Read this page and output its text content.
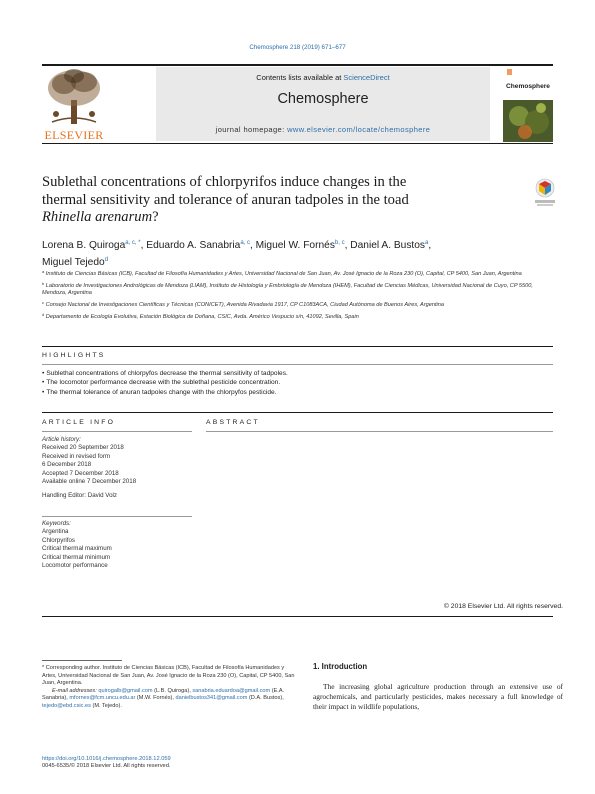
Chemosphere 218 (2019) 671–677
ELSEVIER
Contents lists available at ScienceDirect
Chemosphere
journal homepage: www.elsevier.com/locate/chemosphere
Chemosphere
Sublethal concentrations of chlorpyrifos induce changes in the
thermal sensitivity and tolerance of anuran tadpoles in the toad
Rhinella arenarum?
Lorena B. Quiroga$^{a, c, *}$, Eduardo A. Sanabria$^{a, c}$, Miguel W. Fornés$^{b, c}$, Daniel A. Bustos$^a$,
Miguel Tejedo$^d$
$^a$ Instituto de Ciencias Básicas (ICB), Facultad de Filosofía Humanidades y Artes, Universidad Nacional de San Juan, Av. José Ignacio de la Roza 230 (O), Capital, CP 5400, San Juan, Argentina
$^b$ Laboratorio de Investigaciones Andrológicas de Mendoza (LIAM), Instituto de Histología y Embriología de Mendoza (IHEM), Facultad de Ciencias Médicas, Universidad Nacional de Cuyo, CP 5500, Mendoza, Argentina
$^c$ Consejo Nacional de Investigaciones Científicas y Técnicas (CONICET), Avenida Rivadavia 1917, CP C1083ACA, Ciudad Autónoma de Buenos Aires, Argentina
$^d$ Departamento de Ecología Evolutiva, Estación Biológica de Doñana, CSIC, Avda. Américo Vespucio s/n, 41092, Sevilla, Spain
HIGHLIGHTS
• Sublethal concentrations of chlorpyfos decrease the thermal sensitivity of tadpoles.
• The locomotor performance decrease with the sublethal pesticide concentration.
• The thermal tolerance of anuran tadpoles change with the chlorpyfos pesticide.
ARTICLE INFO	ABSTRACT
Article history:
Received 20 September 2018
Received in revised form
6 December 2018
Accepted 7 December 2018
Available online 7 December 2018
Handling Editor: David Volz
Keywords:
Argentina
Chlorpyrifos
Critical thermal maximum
Critical thermal minimum
Locomotor performance
© 2018 Elsevier Ltd. All rights reserved.
* Corresponding author. Instituto de Ciencias Básicas (ICB), Facultad de Filosofía Humanidades y Artes, Universidad Nacional de San Juan, Av. José Ignacio de la Roza 230 (O), Capital, CP 5400, San Juan, Argentina.
E-mail addresses: quirogalb@gmail.com (L.B. Quiroga), sanabria.eduardoa@gmail.com (E.A. Sanabria), mfornes@fcm.uncu.edu.ar (M.W. Fornés), danielbustos341@gmail.com (D.A. Bustos), tejedo@ebd.csic.es (M. Tejedo).
https://doi.org/10.1016/j.chemosphere.2018.12.059
0045-6535/© 2018 Elsevier Ltd. All rights reserved.
1. Introduction
The increasing global agriculture production through an extensive use of agrochemicals, and particularly pesticides, makes necessary a full knowledge of their impact in wildlife populations,
